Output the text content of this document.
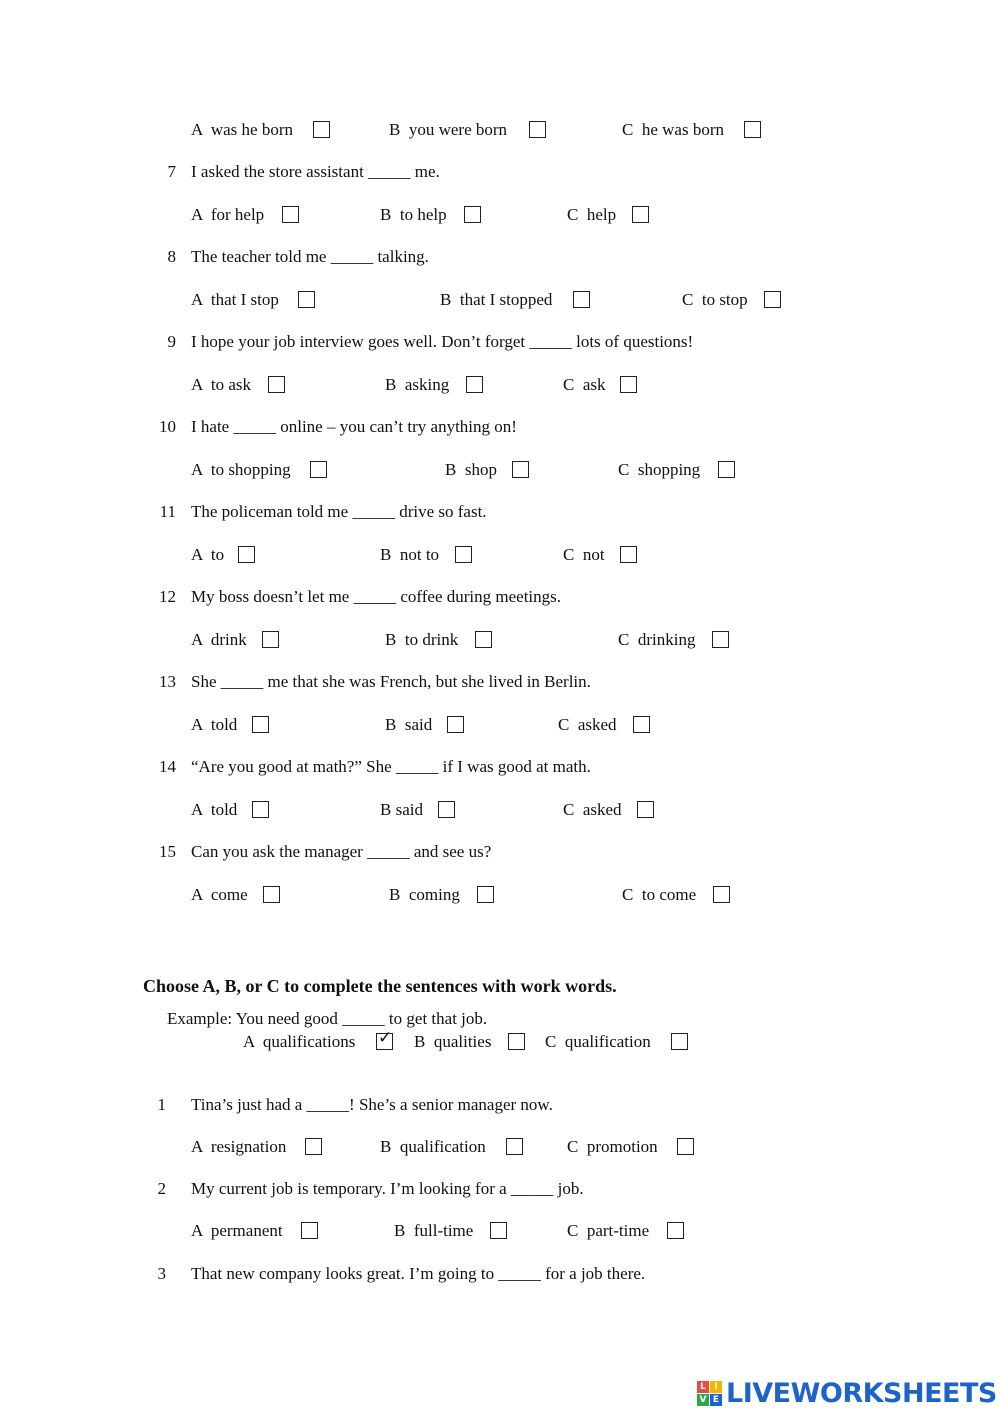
A was he born	B you were born	C he was born
7 I asked the store assistant _____ me.
A for help	B to help	C help
8 The teacher told me _____ talking.
A that I stop	B that I stopped	C to stop
9 I hope your job interview goes well. Don’t forget _____ lots of questions!
A to ask	B asking	C ask
10 I hate _____ online – you can’t try anything on!
A to shopping	B shop	C shopping
11 The policeman told me _____ drive so fast.
A to	B not to	C not
12 My boss doesn’t let me _____ coffee during meetings.
A drink	B to drink	C drinking
13 She _____ me that she was French, but she lived in Berlin.
A told	B said	C asked
14 “Are you good at math?” She _____ if I was good at math.
A told	B said	C asked
15 Can you ask the manager _____ and see us?
A come	B coming	C to come
Choose A, B, or C to complete the sentences with work words.
Example: You need good _____ to get that job.
A qualifications ✓ B qualities	C qualification
1 Tina’s just had a _____! She’s a senior manager now.
A resignation	B qualification	C promotion
2 My current job is temporary. I’m looking for a _____ job.
A permanent	B full-time	C part-time
3 That new company looks great. I’m going to _____ for a job there.
L I
V E LIVEWORKSHEETS
